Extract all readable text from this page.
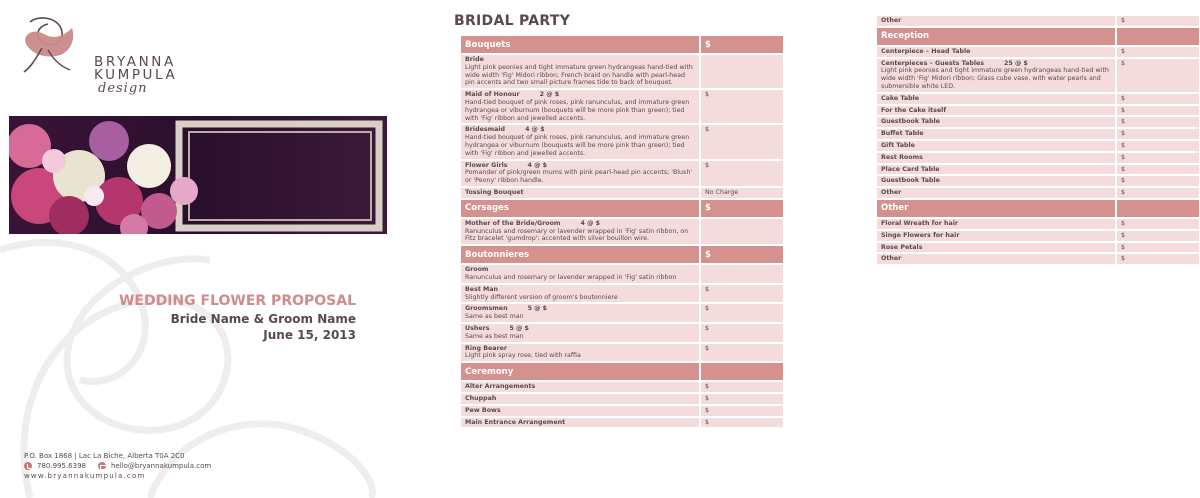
BRYANNA
KUMPULA
design
WEDDING FLOWER PROPOSAL
Bride Name & Groom Name
June 15, 2013
P.O. Box 1868 | Lac La Biche, Alberta T0A 2C0
780.995.6398	hello@bryannakumpula.com
www.bryannakumpula.com
BRIDAL PARTY
Bouquets	$

Bride
Light pink peonies and tight immature green hydrangeas hand-tied with wide width 'Fig' Midori ribbon; French braid on handle with pearl-head pin accents and two small picture frames tide to back of bouquet.	

Maid of Honour 2 @ $
Hand-tied bouquet of pink roses, pink ranunculus, and immature green hydrangea or viburnum (bouquets will be more pink than green); tied with 'Fig' ribbon and jewelled accents.	$

Bridesmaid 4 @ $
Hand-tied bouquet of pink roses, pink ranunculus, and immature green hydrangea or viburnum (bouquets will be more pink than green); tied with 'Fig' ribbon and jewelled accents.	$

Flower Girls 4 @ $
Pomander of pink/green mums with pink pearl-head pin accents; 'Blush' or 'Peony' ribbon handle.	$

Tossing Bouquet	No Charge
Corsages	$

Mother of the Bride/Groom 4 @ $
Ranunculus and rosemary or lavender wrapped in 'Fig' satin ribbon, on Fitz bracelet 'gumdrop'; accented with silver bouillon wire.	

Boutonnieres	$

Groom
Ranunculus and rosemary or lavender wrapped in 'Fig' satin ribbon	

Best Man
Slightly different version of groom's boutonniere	$

Groomsmen 5 @ $
Same as best man	$

Ushers 5 @ $
Same as best man	$

Ring Bearer
Light pink spray rose, tied with raffia	$
Ceremony	

Alter Arrangements	$

Chuppah	$

Pew Bows	$

Main Entrance Arrangement	$
Other	$
Reception	

Centerpiece – Head Table	$

Centerpieces – Guests Tables 25 @ $
Light pink peonies and tight immature green hydrangeas hand-tied with wide width 'Fig' Midori ribbon; Glass cube vase, with water pearls and submersible white LED.	$

Cake Table	$

For the Cake itself	$

Guestbook Table	$

Buffet Table	$

Gift Table	$

Rest Rooms	$

Place Card Table	$

Guestbook Table	$

Other	$
Other	

Floral Wreath for hair	$

Singe Flowers for hair	$

Rose Petals	$

Other	$
